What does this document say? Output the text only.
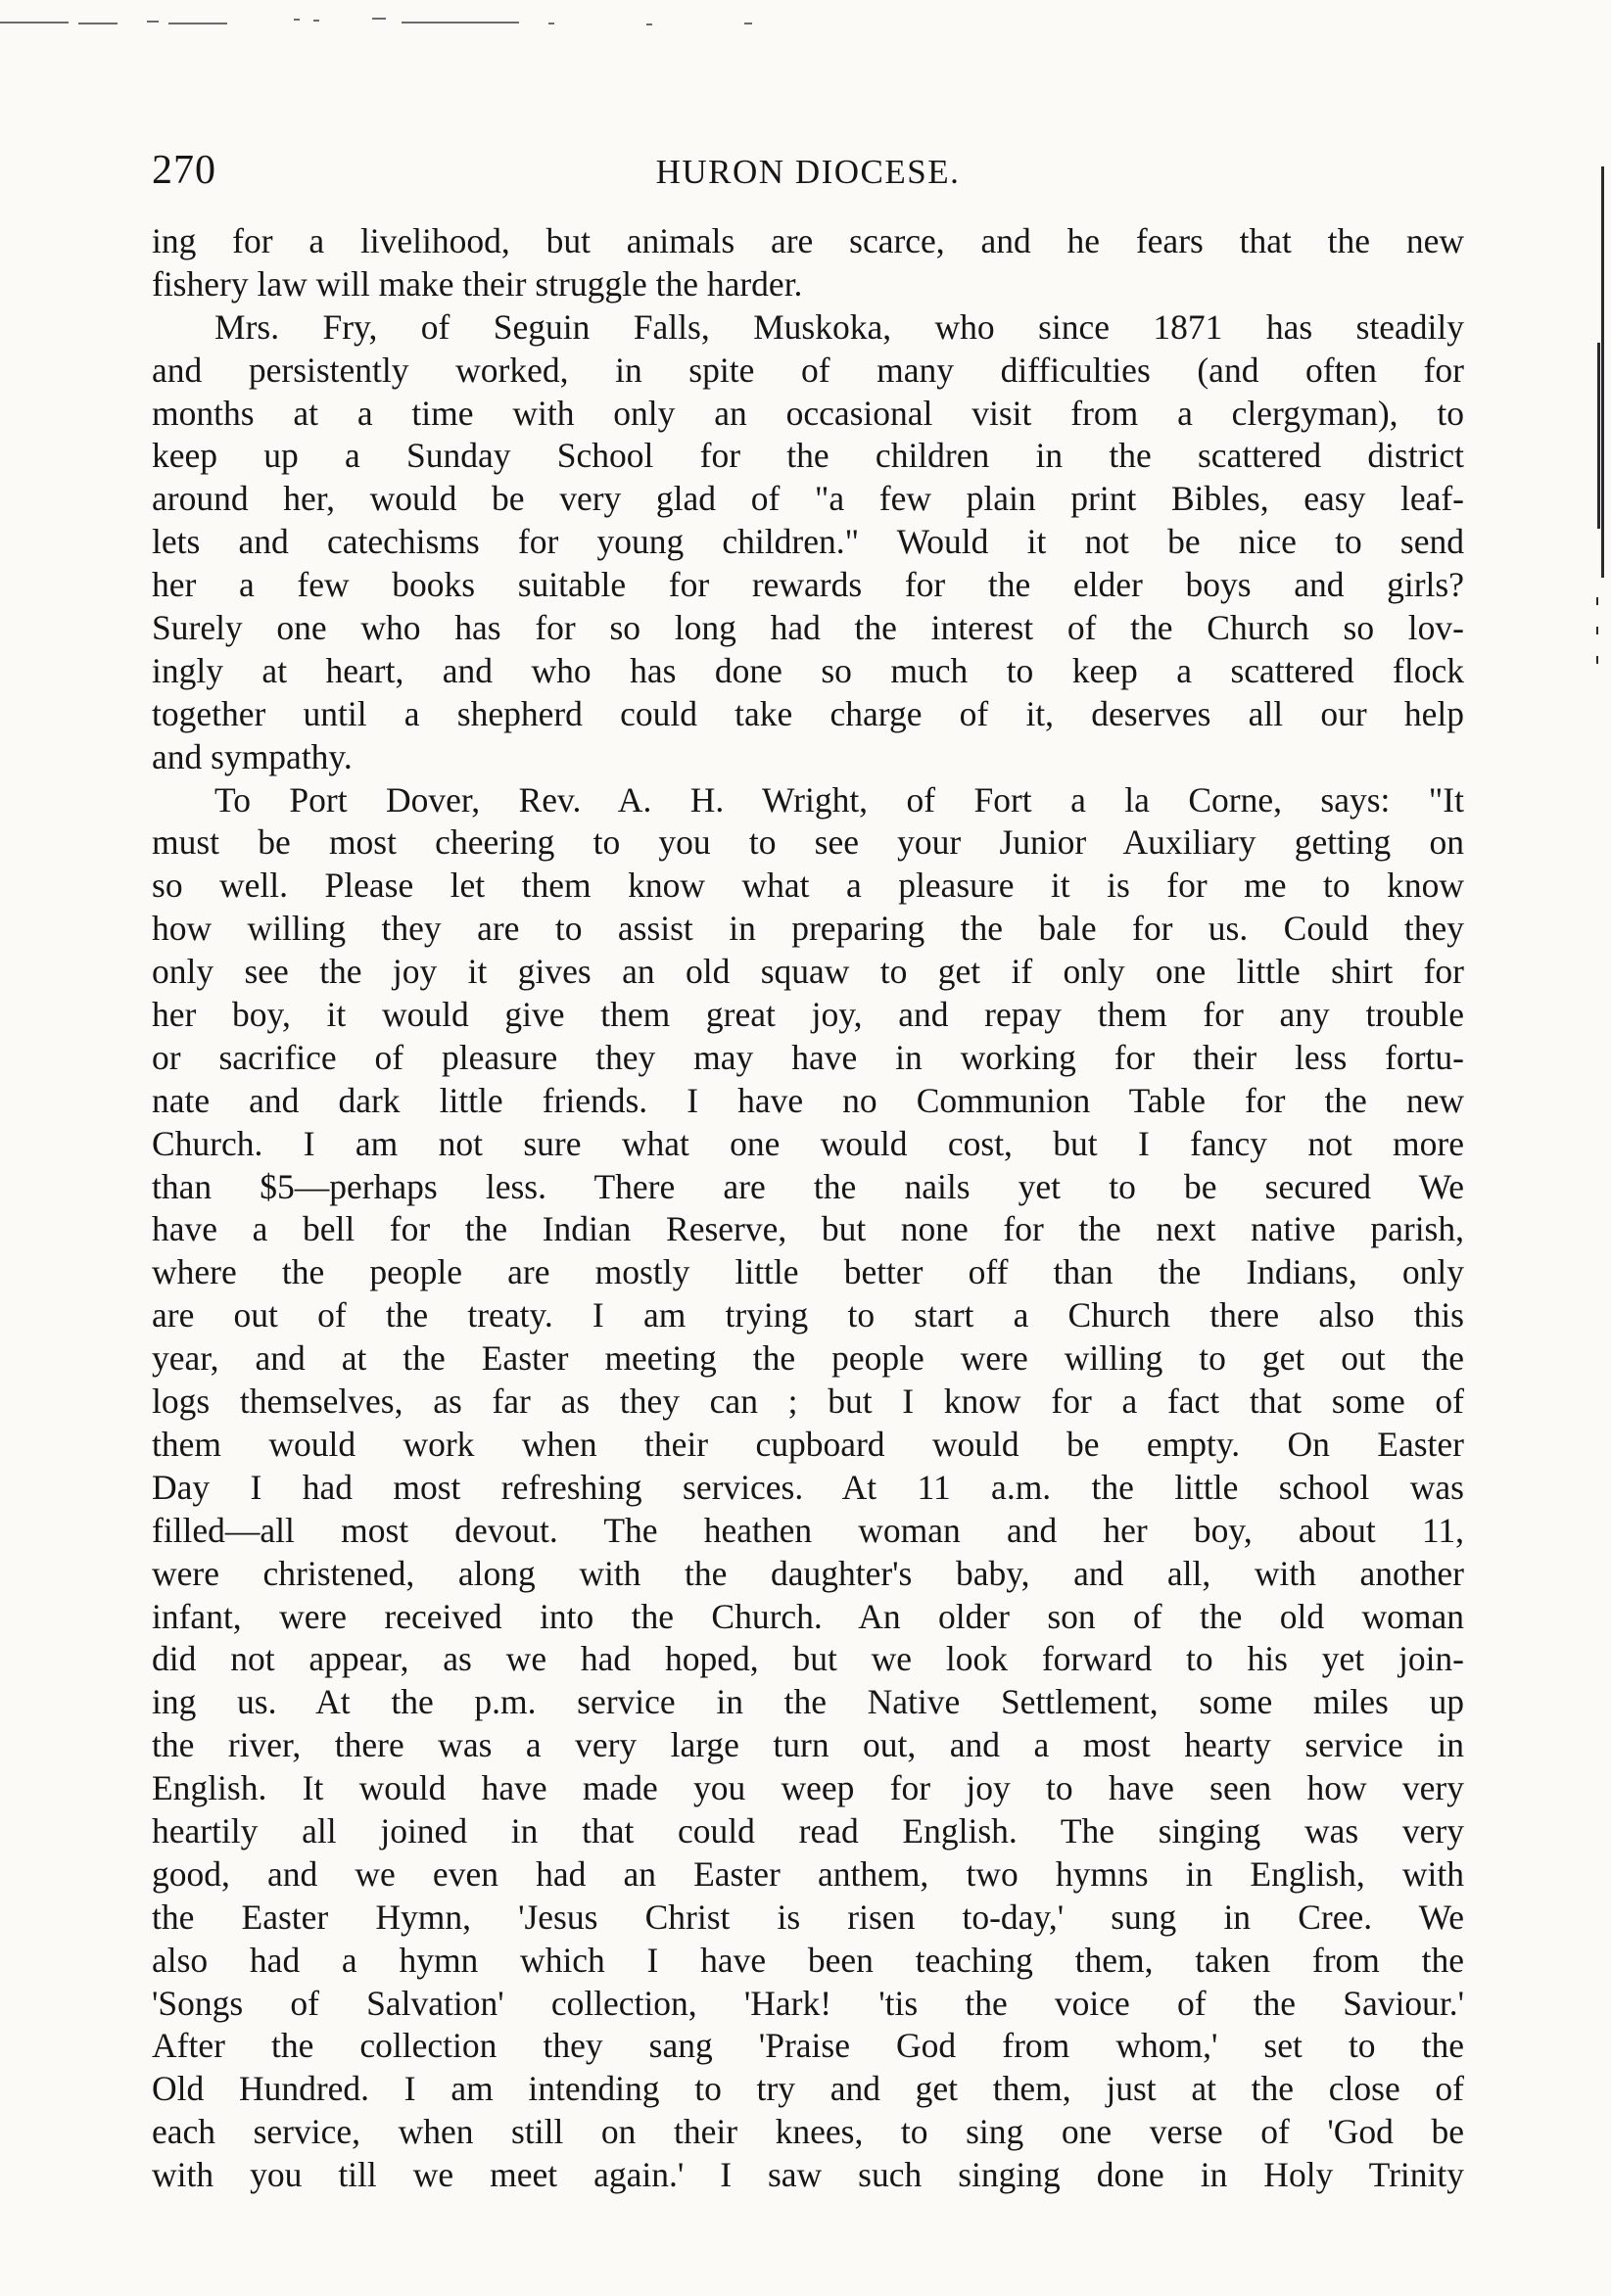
270	HURON DIOCESE.
ing for a livelihood, but animals are scarce, and he fears that the new
fishery law will make their struggle the harder.
Mrs. Fry, of Seguin Falls, Muskoka, who since 1871 has steadily
and persistently worked, in spite of many difficulties (and often for
months at a time with only an occasional visit from a clergyman), to
keep up a Sunday School for the children in the scattered district
around her, would be very glad of "a few plain print Bibles, easy leaf-
lets and catechisms for young children." Would it not be nice to send
her a few books suitable for rewards for the elder boys and girls?
Surely one who has for so long had the interest of the Church so lov-
ingly at heart, and who has done so much to keep a scattered flock
together until a shepherd could take charge of it, deserves all our help
and sympathy.
To Port Dover, Rev. A. H. Wright, of Fort a la Corne, says: "It
must be most cheering to you to see your Junior Auxiliary getting on
so well. Please let them know what a pleasure it is for me to know
how willing they are to assist in preparing the bale for us. Could they
only see the joy it gives an old squaw to get if only one little shirt for
her boy, it would give them great joy, and repay them for any trouble
or sacrifice of pleasure they may have in working for their less fortu-
nate and dark little friends. I have no Communion Table for the new
Church. I am not sure what one would cost, but I fancy not more
than $5—perhaps less. There are the nails yet to be secured We
have a bell for the Indian Reserve, but none for the next native parish,
where the people are mostly little better off than the Indians, only
are out of the treaty. I am trying to start a Church there also this
year, and at the Easter meeting the people were willing to get out the
logs themselves, as far as they can ; but I know for a fact that some of
them would work when their cupboard would be empty. On Easter
Day I had most refreshing services. At 11 a.m. the little school was
filled—all most devout. The heathen woman and her boy, about 11,
were christened, along with the daughter's baby, and all, with another
infant, were received into the Church. An older son of the old woman
did not appear, as we had hoped, but we look forward to his yet join-
ing us. At the p.m. service in the Native Settlement, some miles up
the river, there was a very large turn out, and a most hearty service in
English. It would have made you weep for joy to have seen how very
heartily all joined in that could read English. The singing was very
good, and we even had an Easter anthem, two hymns in English, with
the Easter Hymn, 'Jesus Christ is risen to-day,' sung in Cree. We
also had a hymn which I have been teaching them, taken from the
'Songs of Salvation' collection, 'Hark! 'tis the voice of the Saviour.'
After the collection they sang 'Praise God from whom,' set to the
Old Hundred. I am intending to try and get them, just at the close of
each service, when still on their knees, to sing one verse of 'God be
with you till we meet again.' I saw such singing done in Holy Trinity
